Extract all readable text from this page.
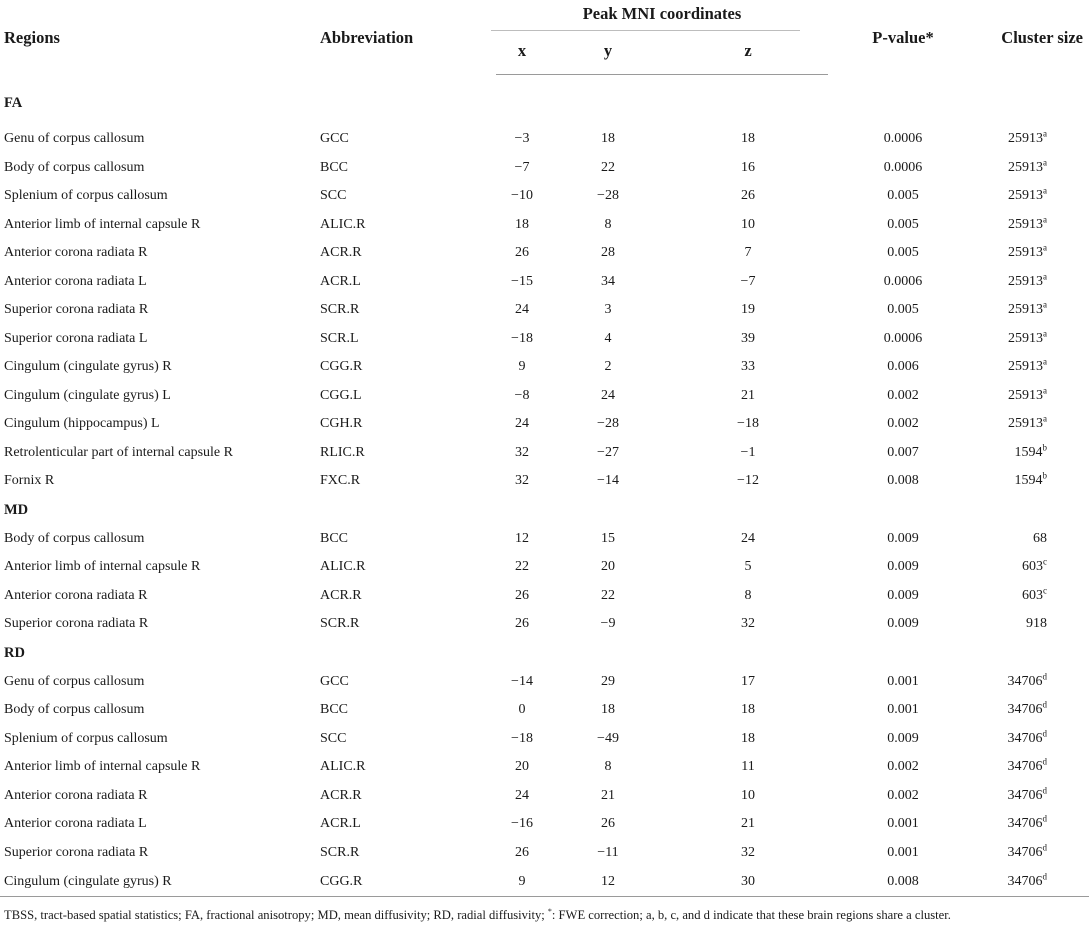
Regions	Abbreviation	Peak MNI coordinates			P-value*	Cluster size
		x	y	z		
FA						
Genu of corpus callosum	GCC	−3	18	18	0.0006	25913$^a$
Body of corpus callosum	BCC	−7	22	16	0.0006	25913$^a$
Splenium of corpus callosum	SCC	−10	−28	26	0.005	25913$^a$
Anterior limb of internal capsule R	ALIC.R	18	8	10	0.005	25913$^a$
Anterior corona radiata R	ACR.R	26	28	7	0.005	25913$^a$
Anterior corona radiata L	ACR.L	−15	34	−7	0.0006	25913$^a$
Superior corona radiata R	SCR.R	24	3	19	0.005	25913$^a$
Superior corona radiata L	SCR.L	−18	4	39	0.0006	25913$^a$
Cingulum (cingulate gyrus) R	CGG.R	9	2	33	0.006	25913$^a$
Cingulum (cingulate gyrus) L	CGG.L	−8	24	21	0.002	25913$^a$
Cingulum (hippocampus) L	CGH.R	24	−28	−18	0.002	25913$^a$
Retrolenticular part of internal capsule R	RLIC.R	32	−27	−1	0.007	1594$^b$
Fornix R	FXC.R	32	−14	−12	0.008	1594$^b$
MD						
Body of corpus callosum	BCC	12	15	24	0.009	68
Anterior limb of internal capsule R	ALIC.R	22	20	5	0.009	603$^c$
Anterior corona radiata R	ACR.R	26	22	8	0.009	603$^c$
Superior corona radiata R	SCR.R	26	−9	32	0.009	918
RD						
Genu of corpus callosum	GCC	−14	29	17	0.001	34706$^d$
Body of corpus callosum	BCC	0	18	18	0.001	34706$^d$
Splenium of corpus callosum	SCC	−18	−49	18	0.009	34706$^d$
Anterior limb of internal capsule R	ALIC.R	20	8	11	0.002	34706$^d$
Anterior corona radiata R	ACR.R	24	21	10	0.002	34706$^d$
Anterior corona radiata L	ACR.L	−16	26	21	0.001	34706$^d$
Superior corona radiata R	SCR.R	26	−11	32	0.001	34706$^d$
Cingulum (cingulate gyrus) R	CGG.R	9	12	30	0.008	34706$^d$
TBSS, tract-based spatial statistics; FA, fractional anisotropy; MD, mean diffusivity; RD, radial diffusivity; *: FWE correction; a, b, c, and d indicate that these brain regions share a cluster.
